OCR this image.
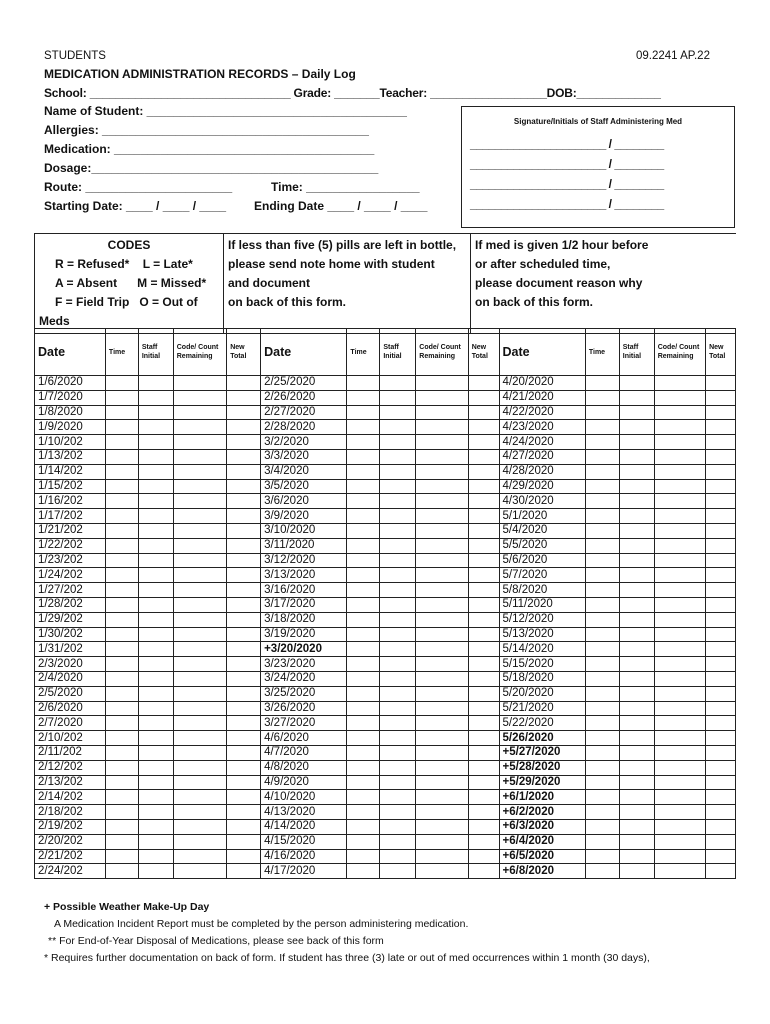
STUDENTS	09.2241 AP.22
MEDICATION ADMINISTRATION RECORDS – Daily Log
School: _______________________________ Grade: _______Teacher: __________________DOB:_____________
Name of Student: _______________________________________
Allergies: ________________________________________
Medication: _______________________________________
Dosage:___________________________________________
Route: ______________________	Time: _________________
Starting Date: ____ / ____ / ____ Ending Date ____ / ____ / ____
Signature/Initials of Staff Administering Med
______________________ / ________
______________________ / ________
______________________ / ________
______________________ / ________
CODES
R = Refused*    L = Late*
A = Absent      M = Missed*
F = Field Trip   O = Out of
Meds

If less than five (5) pills are left in bottle,
please send note home with student
and document
on back of this form.

If med is given 1/2 hour before
or after scheduled time,
please document reason why
on back of this form.
Date	Time	Staff Initial	Code/ Count Remaining	New Total	Date	Time	Staff Initial	Code/ Count Remaining	New Total	Date	Time	Staff Initial	Code/ Count Remaining	New Total
1/6/2020					2/25/2020					4/20/2020				
1/7/2020					2/26/2020					4/21/2020				
1/8/2020					2/27/2020					4/22/2020				
1/9/2020					2/28/2020					4/23/2020				
1/10/202					3/2/2020					4/24/2020				
1/13/202					3/3/2020					4/27/2020				
1/14/202					3/4/2020					4/28/2020				
1/15/202					3/5/2020					4/29/2020				
1/16/202					3/6/2020					4/30/2020				
1/17/202					3/9/2020					5/1/2020				
1/21/202					3/10/2020					5/4/2020				
1/22/202					3/11/2020					5/5/2020				
1/23/202					3/12/2020					5/6/2020				
1/24/202					3/13/2020					5/7/2020				
1/27/202					3/16/2020					5/8/2020				
1/28/202					3/17/2020					5/11/2020				
1/29/202					3/18/2020					5/12/2020				
1/30/202					3/19/2020					5/13/2020				
1/31/202					+3/20/2020					5/14/2020				
2/3/2020					3/23/2020					5/15/2020				
2/4/2020					3/24/2020					5/18/2020				
2/5/2020					3/25/2020					5/20/2020				
2/6/2020					3/26/2020					5/21/2020				
2/7/2020					3/27/2020					5/22/2020				
2/10/202					4/6/2020					5/26/2020				
2/11/202					4/7/2020					+5/27/2020				
2/12/202					4/8/2020					+5/28/2020				
2/13/202					4/9/2020					+5/29/2020				
2/14/202					4/10/2020					+6/1/2020				
2/18/202					4/13/2020					+6/2/2020				
2/19/202					4/14/2020					+6/3/2020				
2/20/202					4/15/2020					+6/4/2020				
2/21/202					4/16/2020					+6/5/2020				
2/24/202					4/17/2020					+6/8/2020				
+ Possible Weather Make-Up Day
A Medication Incident Report must be completed by the person administering medication.
** For End-of-Year Disposal of Medications, please see back of this form
* Requires further documentation on back of form. If student has three (3) late or out of med occurrences within 1 month (30 days),
